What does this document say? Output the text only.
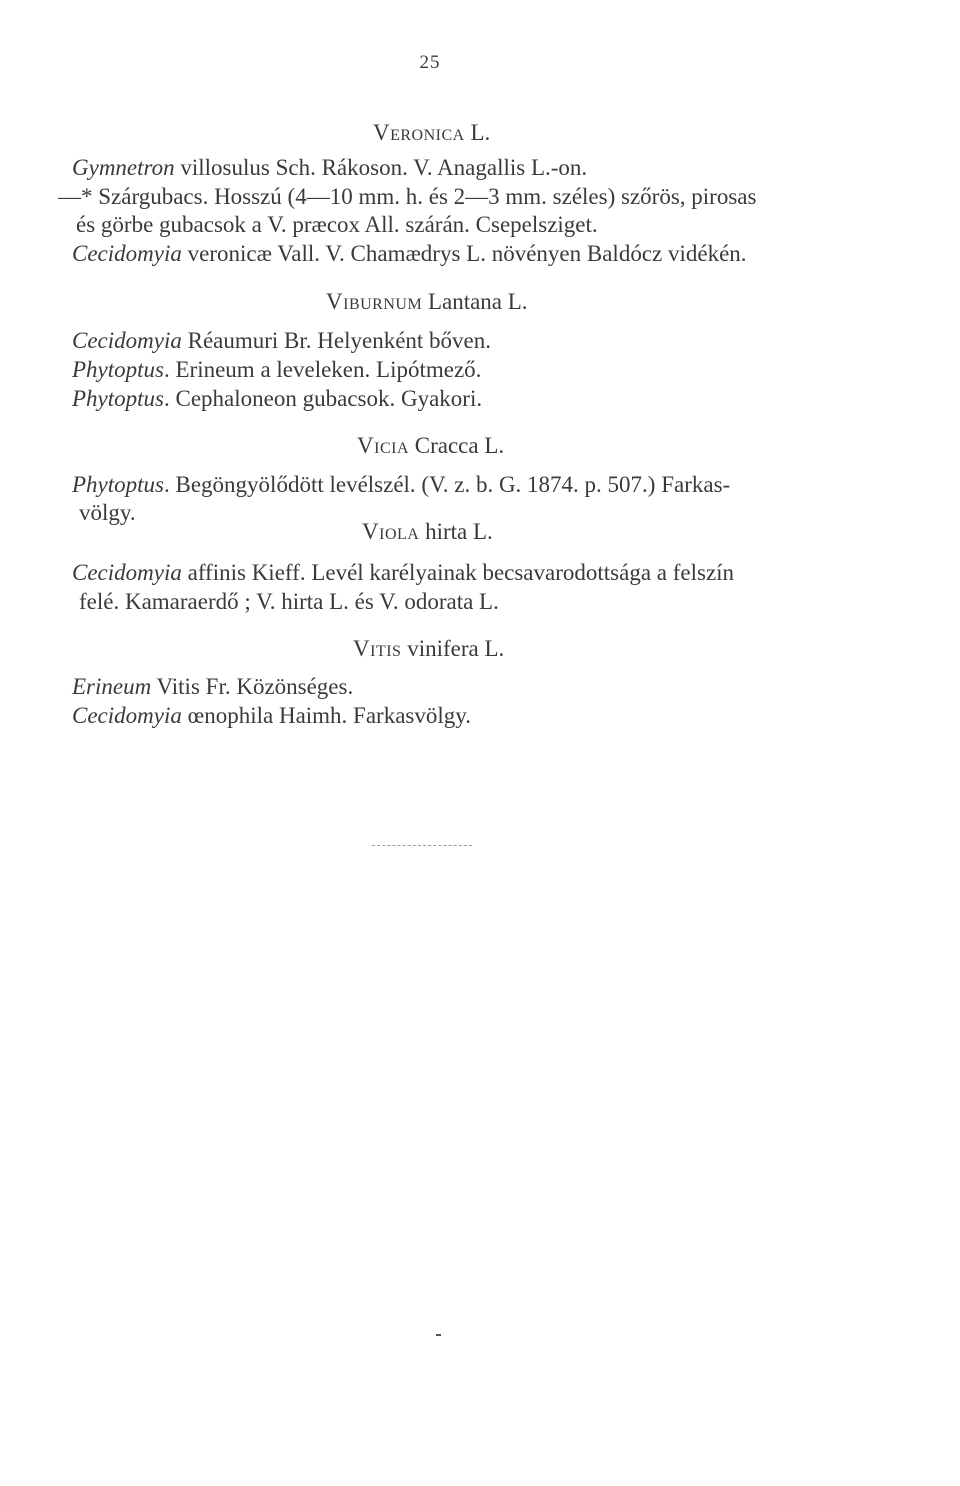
25
Veronica L.
Gymnetron villosulus Sch. Rákoson. V. Anagallis L.-on.
—* Szárgubacs. Hosszú (4—10 mm. h. és 2—3 mm. széles) szőrös, pirosas
és görbe gubacsok a V. præcox All. szárán. Csepelsziget.
Cecidomyia veronicæ Vall. V. Chamædrys L. növényen Baldócz vidékén.
Viburnum Lantana L.
Cecidomyia Réaumuri Br. Helyenként bőven.
Phytoptus. Erineum a leveleken. Lipótmező.
Phytoptus. Cephaloneon gubacsok. Gyakori.
Vicia Cracca L.
Phytoptus. Begöngyölődött levélszél. (V. z. b. G. 1874. p. 507.) Farkas-
völgy.
Viola hirta L.
Cecidomyia affinis Kieff. Levél karélyainak becsavarodottsága a felszín
felé. Kamaraerdő ; V. hirta L. és V. odorata L.
Vitis vinifera L.
Erineum Vitis Fr. Közönséges.
Cecidomyia œnophila Haimh. Farkasvölgy.
